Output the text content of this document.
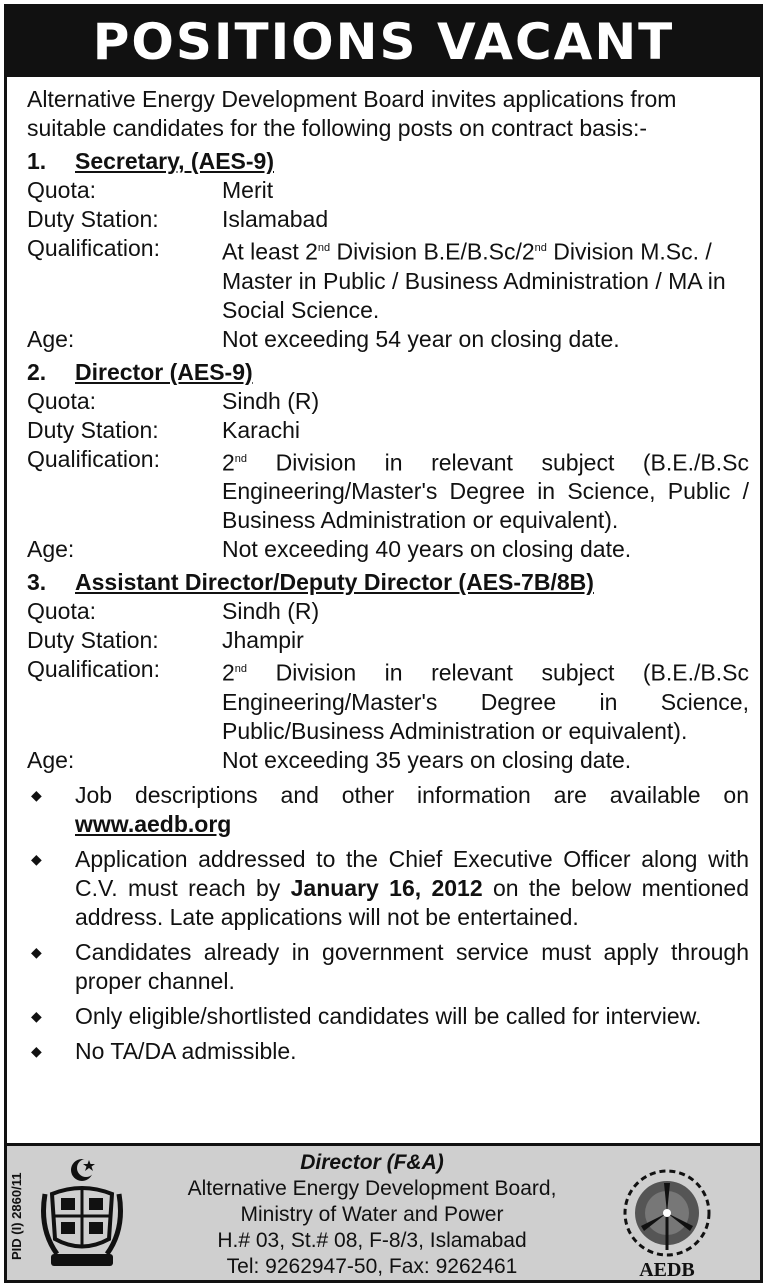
POSITIONS VACANT
Alternative Energy Development Board invites applications from suitable candidates for the following posts on contract basis:-
1.	Secretary, (AES-9)
Quota:	Merit
Duty Station:	Islamabad
Qualification:	At least 2nd Division B.E/B.Sc/2nd Division M.Sc. / Master in Public / Business Administration / MA in Social Science.
Age:	Not exceeding 54 year on closing date.
2.	Director (AES-9)
Quota:	Sindh (R)
Duty Station:	Karachi
Qualification:	2nd Division in relevant subject (B.E./B.Sc Engineering/Master's Degree in Science, Public / Business Administration or equivalent).
Age:	Not exceeding 40 years on closing date.
3.	Assistant Director/Deputy Director (AES-7B/8B)
Quota:	Sindh (R)
Duty Station:	Jhampir
Qualification:	2nd Division in relevant subject (B.E./B.Sc Engineering/Master's Degree in Science, Public/Business Administration or equivalent).
Age:	Not exceeding 35 years on closing date.
◆	Job descriptions and other information are available on www.aedb.org
◆	Application addressed to the Chief Executive Officer along with C.V. must reach by January 16, 2012 on the below mentioned address. Late applications will not be entertained.
◆	Candidates already in government service must apply through proper channel.
◆	Only eligible/shortlisted candidates will be called for interview.
◆	No TA/DA admissible.
PID (I) 2860/11
Director (F&A)
Alternative Energy Development Board,
Ministry of Water and Power
H.# 03, St.# 08, F-8/3, Islamabad
Tel: 9262947-50, Fax: 9262461	AEDB
